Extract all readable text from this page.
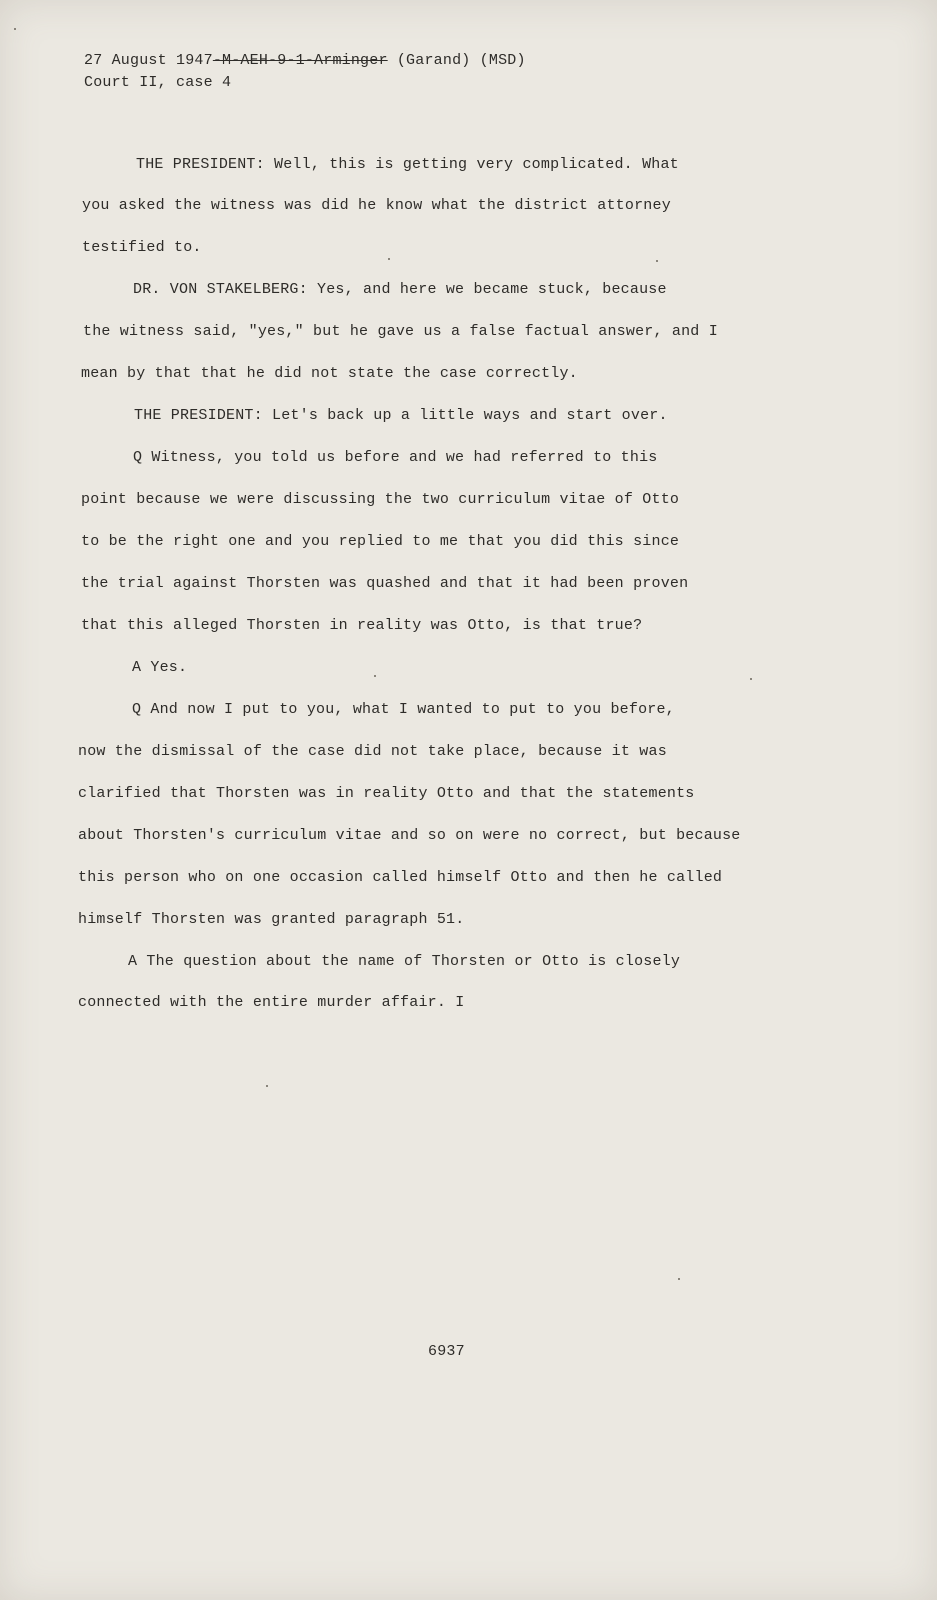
27 August 1947-M-AEH-9-1-Arminger (Garand) (MSD)
Court II, case 4
THE PRESIDENT: Well, this is getting very complicated. What
you asked the witness was did he know what the district attorney
testified to.
DR. VON STAKELBERG: Yes, and here we became stuck, because
the witness said, "yes," but he gave us a false factual answer, and I
mean by that that he did not state the case correctly.
THE PRESIDENT: Let's back up a little ways and start over.
Q Witness, you told us before and we had referred to this
point because we were discussing the two curriculum vitae of Otto
to be the right one and you replied to me that you did this since
the trial against Thorsten was quashed and that it had been proven
that this alleged Thorsten in reality was Otto, is that true?
A Yes.
Q And now I put to you, what I wanted to put to you before,
now the dismissal of the case did not take place, because it was
clarified that Thorsten was in reality Otto and that the statements
about Thorsten's curriculum vitae and so on were no correct, but because
this person who on one occasion called himself Otto and then he called
himself Thorsten was granted paragraph 51.
A The question about the name of Thorsten or Otto is closely
connected with the entire murder affair. I
6937
